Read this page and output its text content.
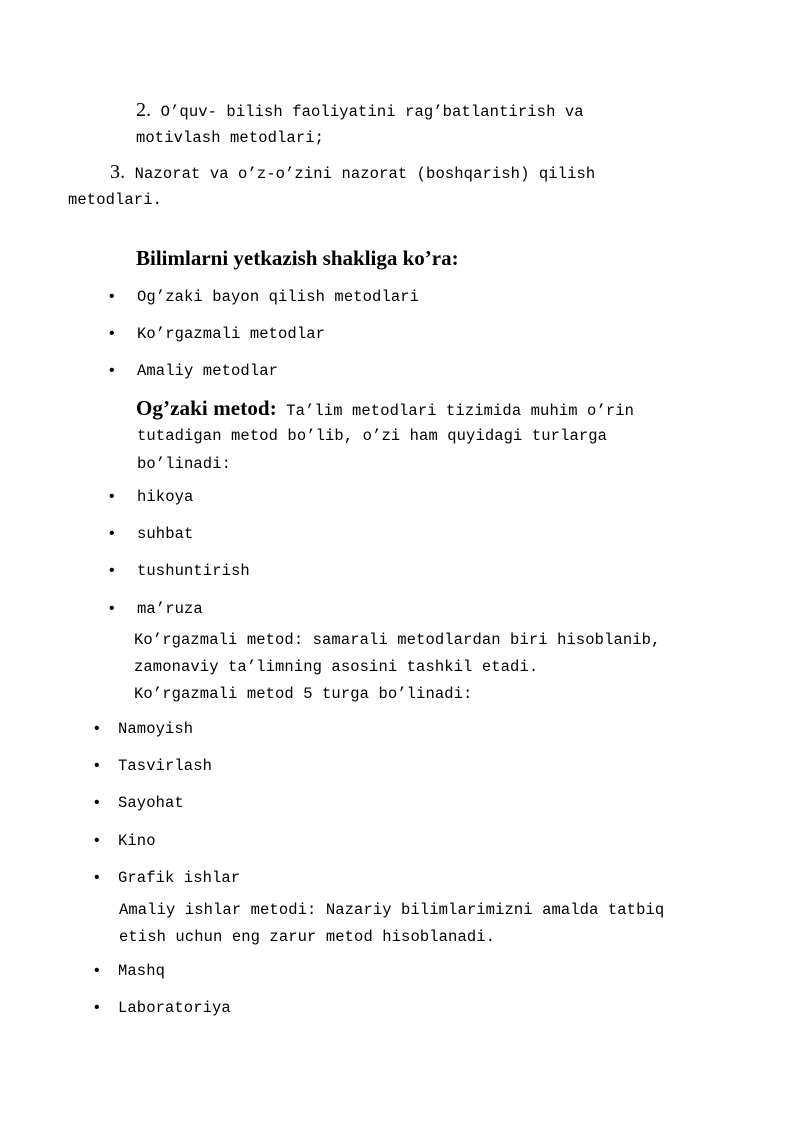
2. O’quv- bilish faoliyatini rag’batlantirish va
motivlash metodlari;
3. Nazorat va o’z-o’zini nazorat (boshqarish) qilish
metodlari.
Bilimlarni yetkazish shakliga ko’ra:
• Og’zaki bayon qilish metodlari
• Ko’rgazmali metodlar
• Amaliy metodlar
Og’zaki metod: Ta’lim metodlari tizimida muhim o’rin
tutadigan metod bo’lib, o’zi ham quyidagi turlarga
bo’linadi:
• hikoya
• suhbat
• tushuntirish
• ma’ruza
Ko’rgazmali metod: samarali metodlardan biri hisoblanib,
zamonaviy ta’limning asosini tashkil etadi.
Ko’rgazmali metod 5 turga bo’linadi:
• Namoyish
• Tasvirlash
• Sayohat
• Kino
• Grafik ishlar
Amaliy ishlar metodi: Nazariy bilimlarimizni amalda tatbiq
etish uchun eng zarur metod hisoblanadi.
• Mashq
• Laboratoriya
